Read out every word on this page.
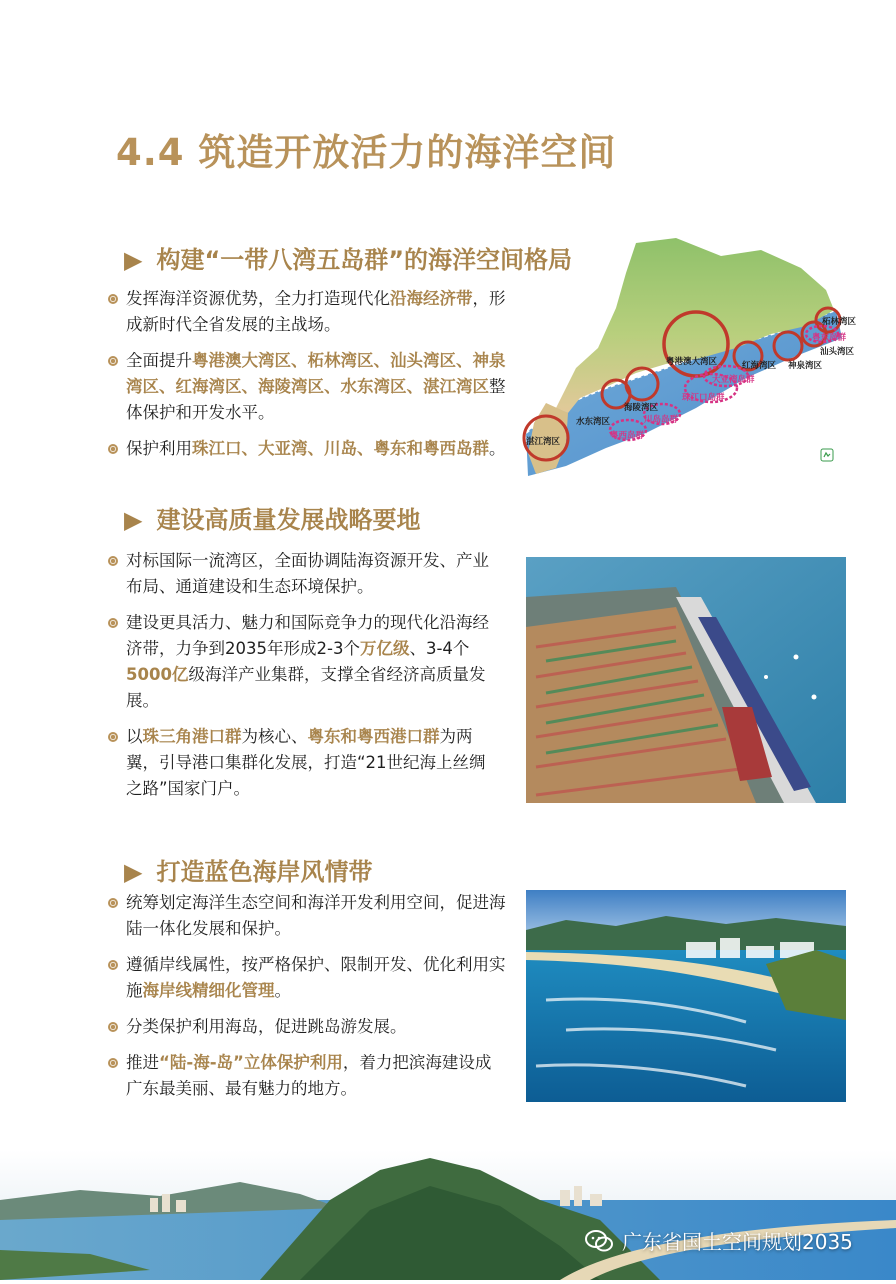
4.4 筑造开放活力的海洋空间
▶ 构建“一带八湾五岛群”的海洋空间格局
发挥海洋资源优势，全力打造现代化沿海经济带，形成新时代全省发展的主战场。
全面提升粤港澳大湾区、柘林湾区、汕头湾区、神泉湾区、红海湾区、海陵湾区、水东湾区、湛江湾区整体保护和开发水平。
保护利用珠江口、大亚湾、川岛、粤东和粤西岛群。
粤港澳大湾区
柘林湾区
汕头湾区
神泉湾区
红海湾区
海陵湾区
水东湾区
湛江湾区
粤东岛群
大亚湾岛群
珠江口岛群
川岛岛群
粤西岛群
▶ 建设高质量发展战略要地
对标国际一流湾区，全面协调陆海资源开发、产业布局、通道建设和生态环境保护。
建设更具活力、魅力和国际竞争力的现代化沿海经济带，力争到2035年形成2-3个万亿级、3-4个5000亿级海洋产业集群，支撑全省经济高质量发展。
以珠三角港口群为核心、粤东和粤西港口群为两翼，引导港口集群化发展，打造“21世纪海上丝绸之路”国家门户。
▶ 打造蓝色海岸风情带
统筹划定海洋生态空间和海洋开发利用空间，促进海陆一体化发展和保护。
遵循岸线属性，按严格保护、限制开发、优化利用实施海岸线精细化管理。
分类保护利用海岛，促进跳岛游发展。
推进“陆-海-岛”立体保护利用，着力把滨海建设成广东最美丽、最有魅力的地方。
广东省国土空间规划2035
